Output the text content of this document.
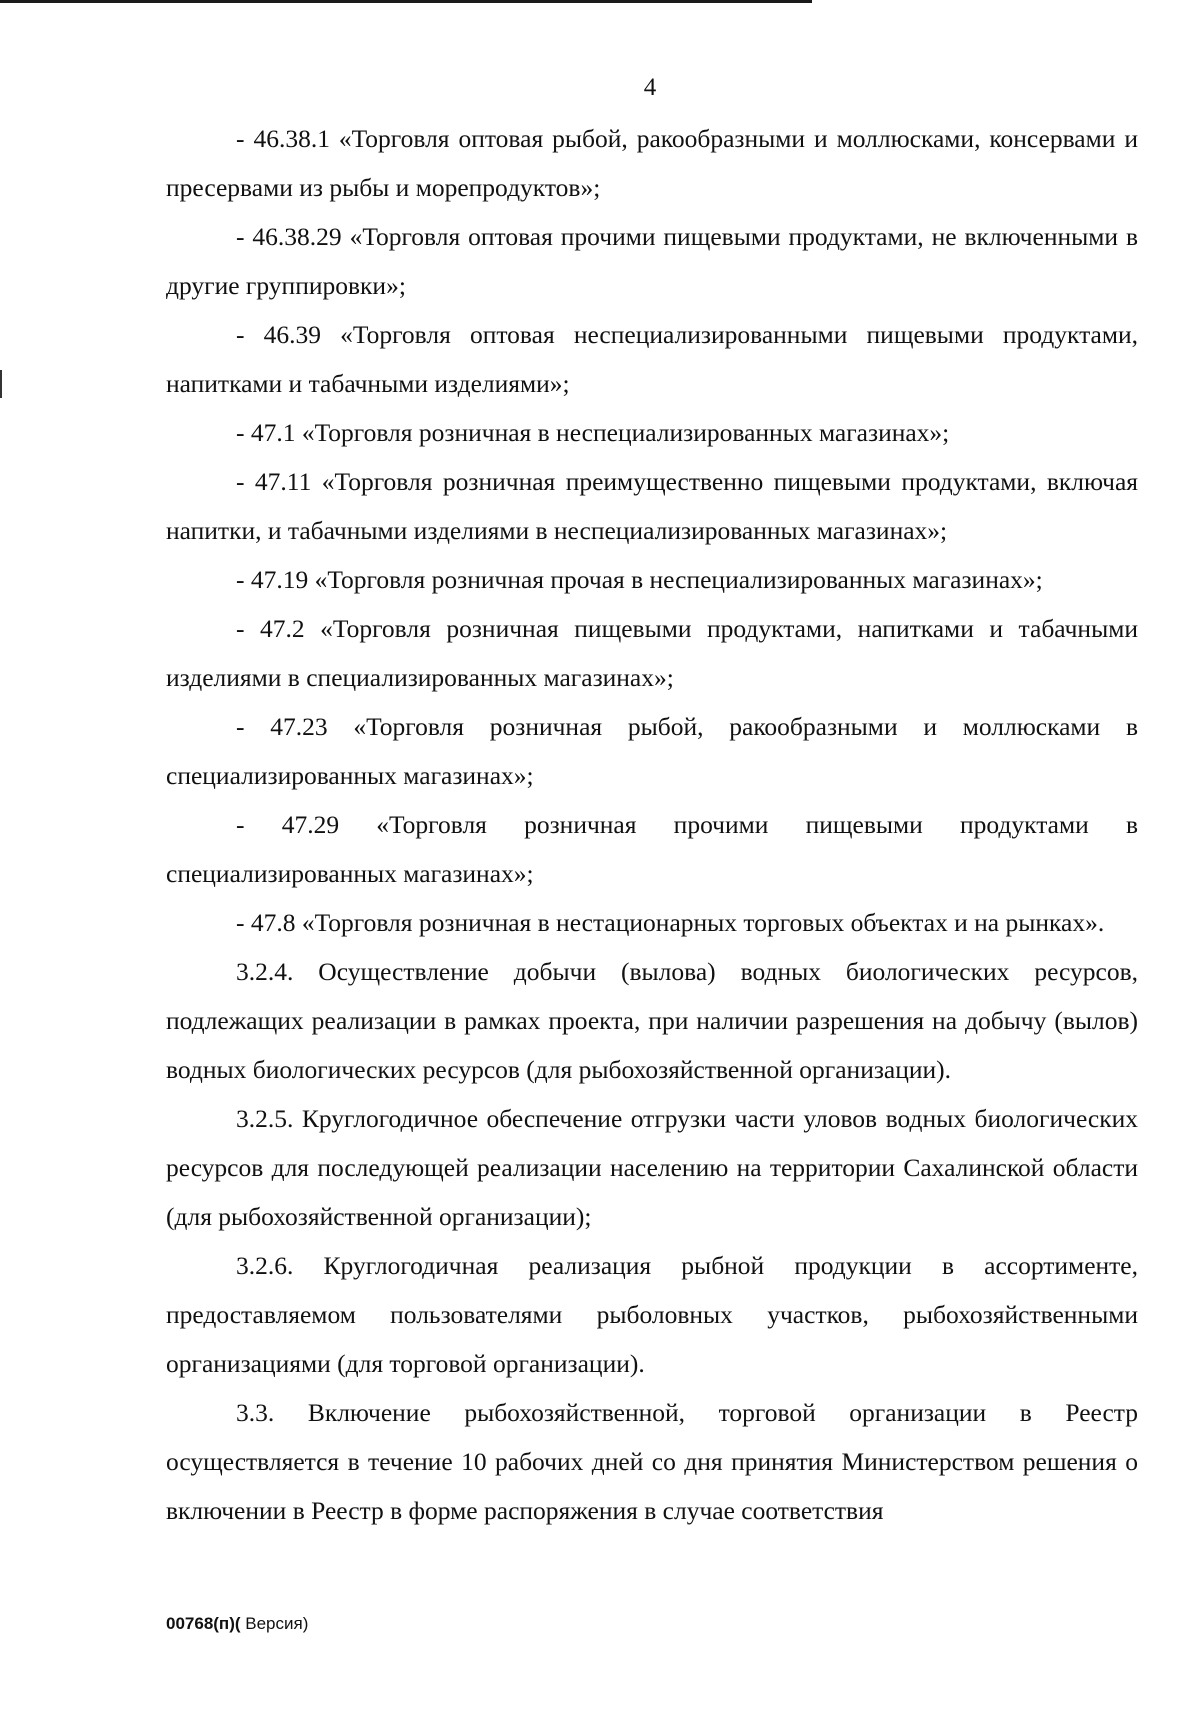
4

- 46.38.1 «Торговля оптовая рыбой, ракообразными и моллюсками, консервами и пресервами из рыбы и морепродуктов»;

- 46.38.29 «Торговля оптовая прочими пищевыми продуктами, не включенными в другие группировки»;

- 46.39 «Торговля оптовая неспециализированными пищевыми продуктами, напитками и табачными изделиями»;

- 47.1 «Торговля розничная в неспециализированных магазинах»;

- 47.11 «Торговля розничная преимущественно пищевыми продуктами, включая напитки, и табачными изделиями в неспециализированных магазинах»;

- 47.19 «Торговля розничная прочая в неспециализированных магазинах»;

- 47.2 «Торговля розничная пищевыми продуктами, напитками и табачными изделиями в специализированных магазинах»;

- 47.23 «Торговля розничная рыбой, ракообразными и моллюсками в специализированных магазинах»;

- 47.29 «Торговля розничная прочими пищевыми продуктами в специализированных магазинах»;

- 47.8 «Торговля розничная в нестационарных торговых объектах и на рынках».

3.2.4. Осуществление добычи (вылова) водных биологических ресурсов, подлежащих реализации в рамках проекта, при наличии разрешения на добычу (вылов) водных биологических ресурсов (для рыбохозяйственной организации).

3.2.5. Круглогодичное обеспечение отгрузки части уловов водных биологических ресурсов для последующей реализации населению на территории Сахалинской области (для рыбохозяйственной организации);

3.2.6. Круглогодичная реализация рыбной продукции в ассортименте, предоставляемом пользователями рыболовных участков, рыбохозяйственными организациями (для торговой организации).

3.3. Включение рыбохозяйственной, торговой организации в Реестр осуществляется в течение 10 рабочих дней со дня принятия Министерством решения о включении в Реестр в форме распоряжения в случае соответствия

00768(п)( Версия)
